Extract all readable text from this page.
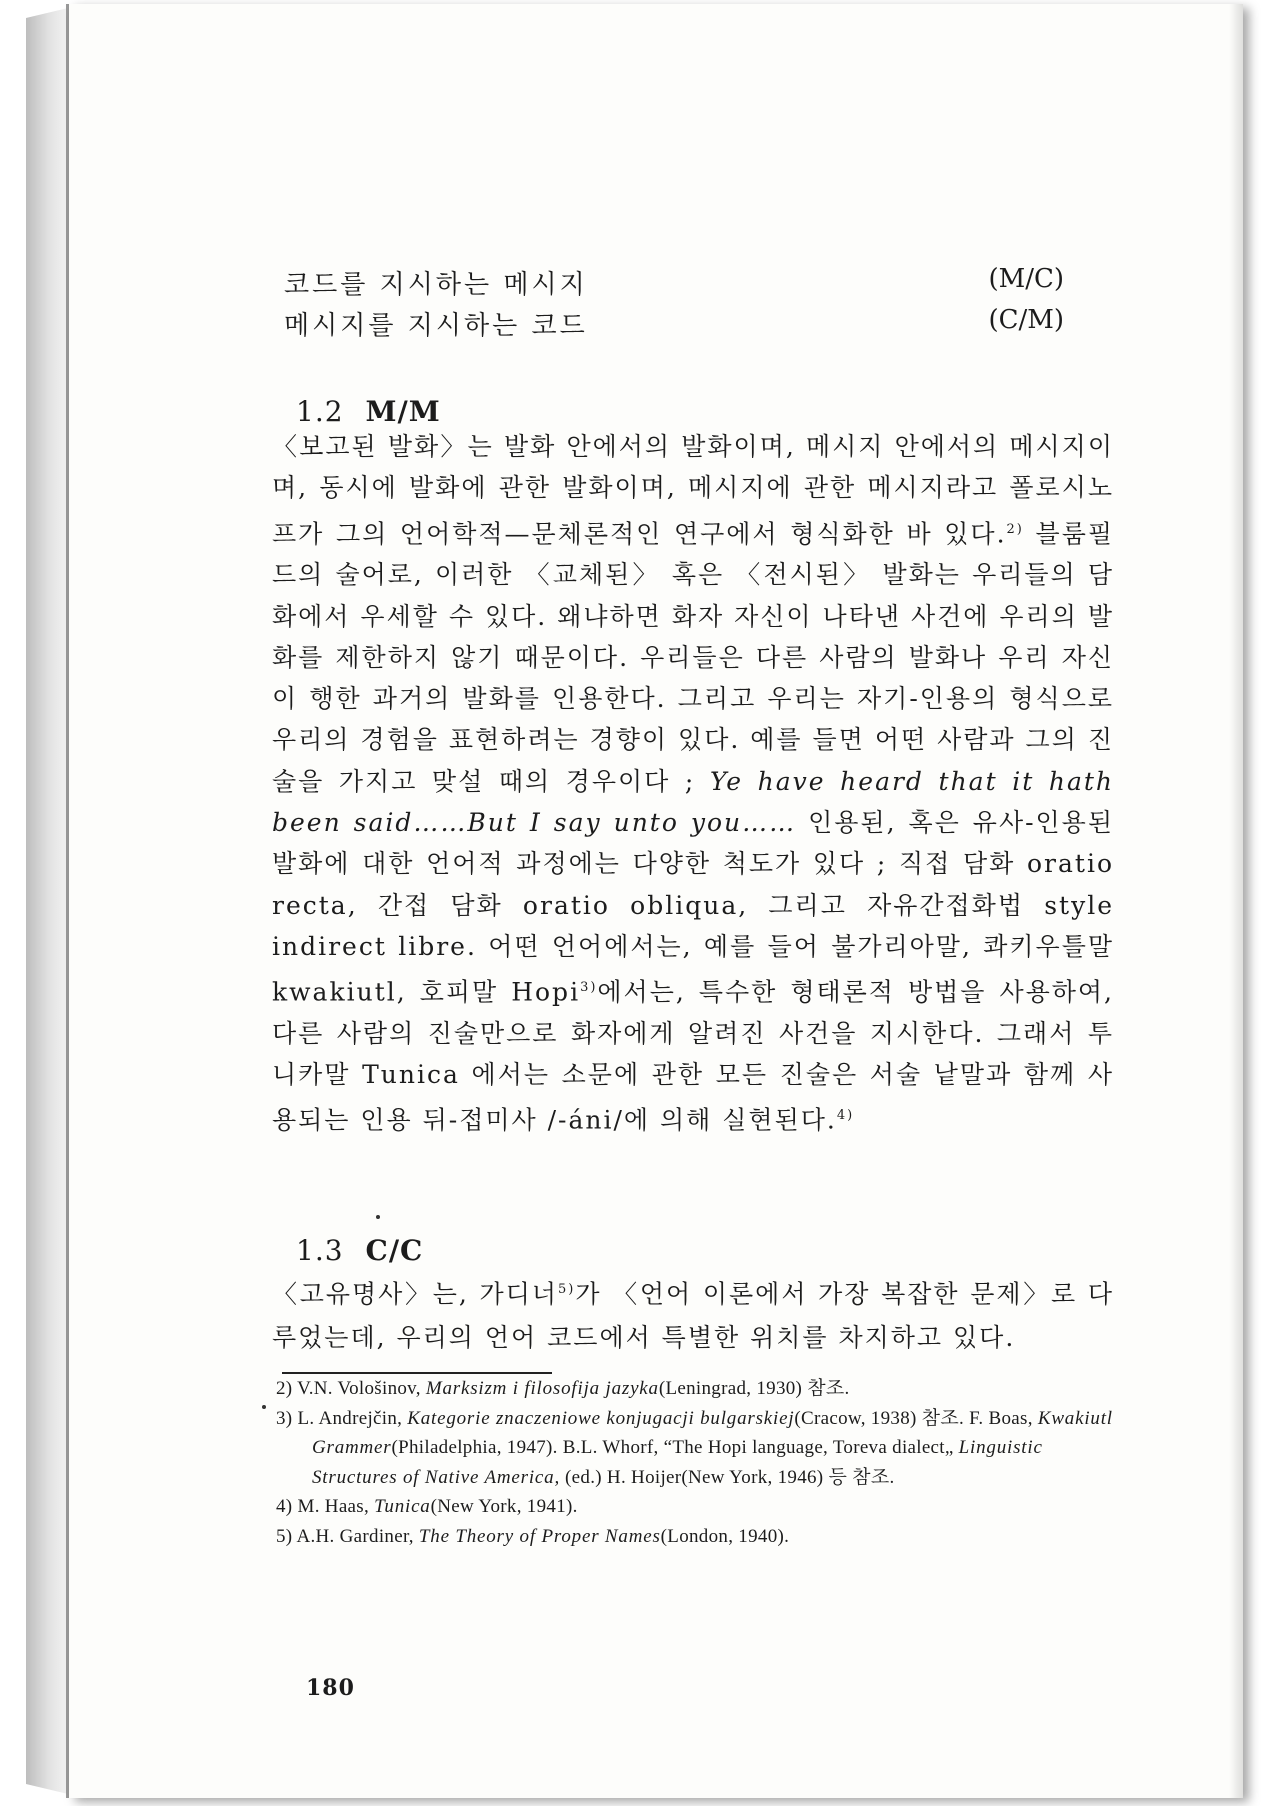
코드를 지시하는 메시지	(M/C)
메시지를 지시하는 코드	(C/M)
1.2 M/M

〈보고된 발화〉는 발화 안에서의 발화이며, 메시지 안에서의 메시지이며, 동시에 발화에 관한 발화이며, 메시지에 관한 메시지라고 폴로시노프가 그의 언어학적—문체론적인 연구에서 형식화한 바 있다.$^{2)}$ 블룸필드의 술어로, 이러한 〈교체된〉 혹은 〈전시된〉 발화는 우리들의 담화에서 우세할 수 있다. 왜냐하면 화자 자신이 나타낸 사건에 우리의 발화를 제한하지 않기 때문이다. 우리들은 다른 사람의 발화나 우리 자신이 행한 과거의 발화를 인용한다. 그리고 우리는 자기-인용의 형식으로 우리의 경험을 표현하려는 경향이 있다. 예를 들면 어떤 사람과 그의 진술을 가지고 맞설 때의 경우이다 ; Ye have heard that it hath been said……But I say unto you…… 인용된, 혹은 유사-인용된 발화에 대한 언어적 과정에는 다양한 척도가 있다 ; 직접 담화 oratio recta, 간접 담화 oratio obliqua, 그리고 자유간접화법 style indirect libre. 어떤 언어에서는, 예를 들어 불가리아말, 콰키우틀말 kwakiutl, 호피말 Hopi$^{3)}$에서는, 특수한 형태론적 방법을 사용하여, 다른 사람의 진술만으로 화자에게 알려진 사건을 지시한다. 그래서 투니카말 Tunica 에서는 소문에 관한 모든 진술은 서술 낱말과 함께 사용되는 인용 뒤-접미사 /-áni/에 의해 실현된다.$^{4)}$

1.3 C/C

〈고유명사〉는, 가디너$^{5)}$가 〈언어 이론에서 가장 복잡한 문제〉로 다루었는데, 우리의 언어 코드에서 특별한 위치를 차지하고 있다.

2) V.N. Vološinov, Marksizm i filosofija jazyka(Leningrad, 1930) 참조.

3) L. Andrejčin, Kategorie znaczeniowe konjugacji bulgarskiej(Cracow, 1938) 참조. F. Boas, Kwakiutl Grammer(Philadelphia, 1947). B.L. Whorf, “The Hopi language, Toreva dialect„ Linguistic Structures of Native America, (ed.) H. Hoijer(New York, 1946) 등 참조.

4) M. Haas, Tunica(New York, 1941).

5) A.H. Gardiner, The Theory of Proper Names(London, 1940).

180
